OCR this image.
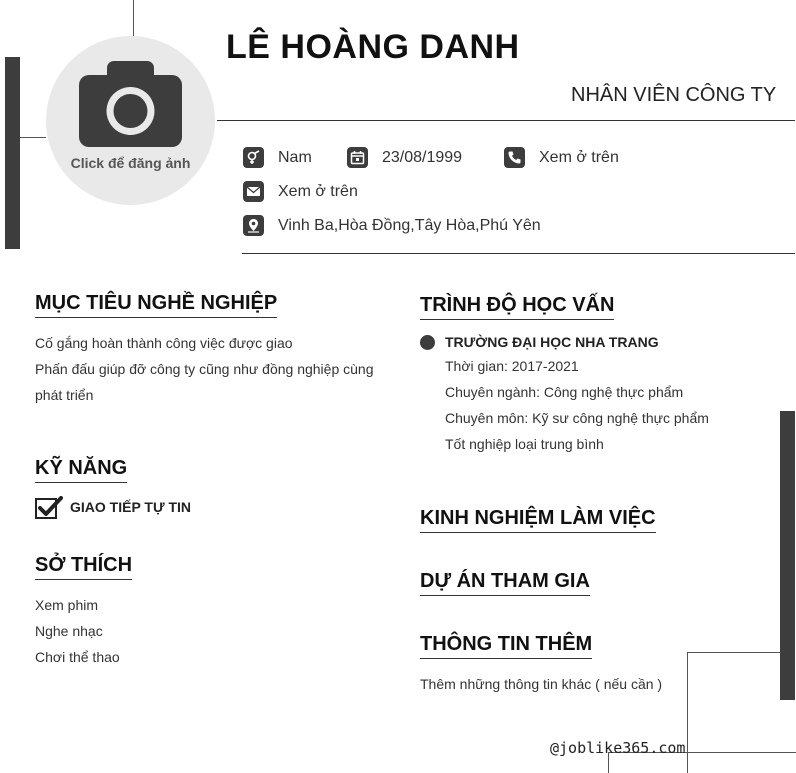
Click để đăng ảnh
LÊ HOÀNG DANH
NHÂN VIÊN CÔNG TY
Nam	23/08/1999	Xem ở trên
Xem ở trên
Vinh Ba,Hòa Đồng,Tây Hòa,Phú Yên
MỤC TIÊU NGHỀ NGHIỆP
Cố gắng hoàn thành công việc được giao
Phấn đấu giúp đỡ công ty cũng như đồng nghiệp cùng
phát triển
KỸ NĂNG
GIAO TIẾP TỰ TIN
SỞ THÍCH
Xem phim
Nghe nhạc
Chơi thể thao
TRÌNH ĐỘ HỌC VẤN
TRƯỜNG ĐẠI HỌC NHA TRANG
Thời gian: 2017-2021
Chuyên ngành: Công nghệ thực phẩm
Chuyên môn: Kỹ sư công nghệ thực phẩm
Tốt nghiệp loại trung bình
KINH NGHIỆM LÀM VIỆC
DỰ ÁN THAM GIA
THÔNG TIN THÊM
Thêm những thông tin khác ( nếu cần )
@joblike365.com
